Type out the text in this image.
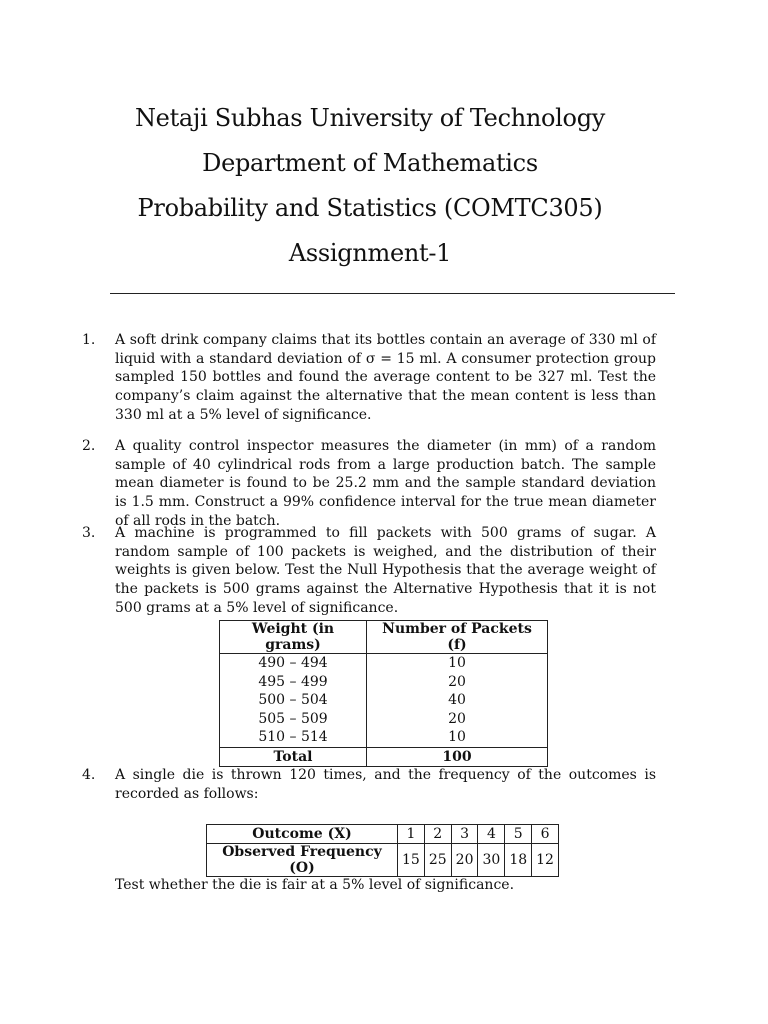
Netaji Subhas University of Technology
Department of Mathematics
Probability and Statistics (COMTC305)
Assignment-1
1. A soft drink company claims that its bottles contain an average of 330 ml of liquid with a standard deviation of σ = 15 ml. A consumer protection group sampled 150 bottles and found the average content to be 327 ml. Test the company’s claim against the alternative that the mean content is less than 330 ml at a 5% level of significance.
2. A quality control inspector measures the diameter (in mm) of a random sample of 40 cylindrical rods from a large production batch. The sample mean diameter is found to be 25.2 mm and the sample standard deviation is 1.5 mm. Construct a 99% confidence interval for the true mean diameter of all rods in the batch.
3. A machine is programmed to fill packets with 500 grams of sugar. A random sample of 100 packets is weighed, and the distribution of their weights is given below. Test the Null Hypothesis that the average weight of the packets is 500 grams against the Alternative Hypothesis that it is not 500 grams at a 5% level of significance.
Weight (in grams)	Number of Packets (f)
490 – 494	10
495 – 499	20
500 – 504	40
505 – 509	20
510 – 514	10
Total	100
4. A single die is thrown 120 times, and the frequency of the outcomes is recorded as follows:
Outcome (X)	1	2	3	4	5	6
Observed Frequency (O)	15	25	20	30	18	12
Test whether the die is fair at a 5% level of significance.
